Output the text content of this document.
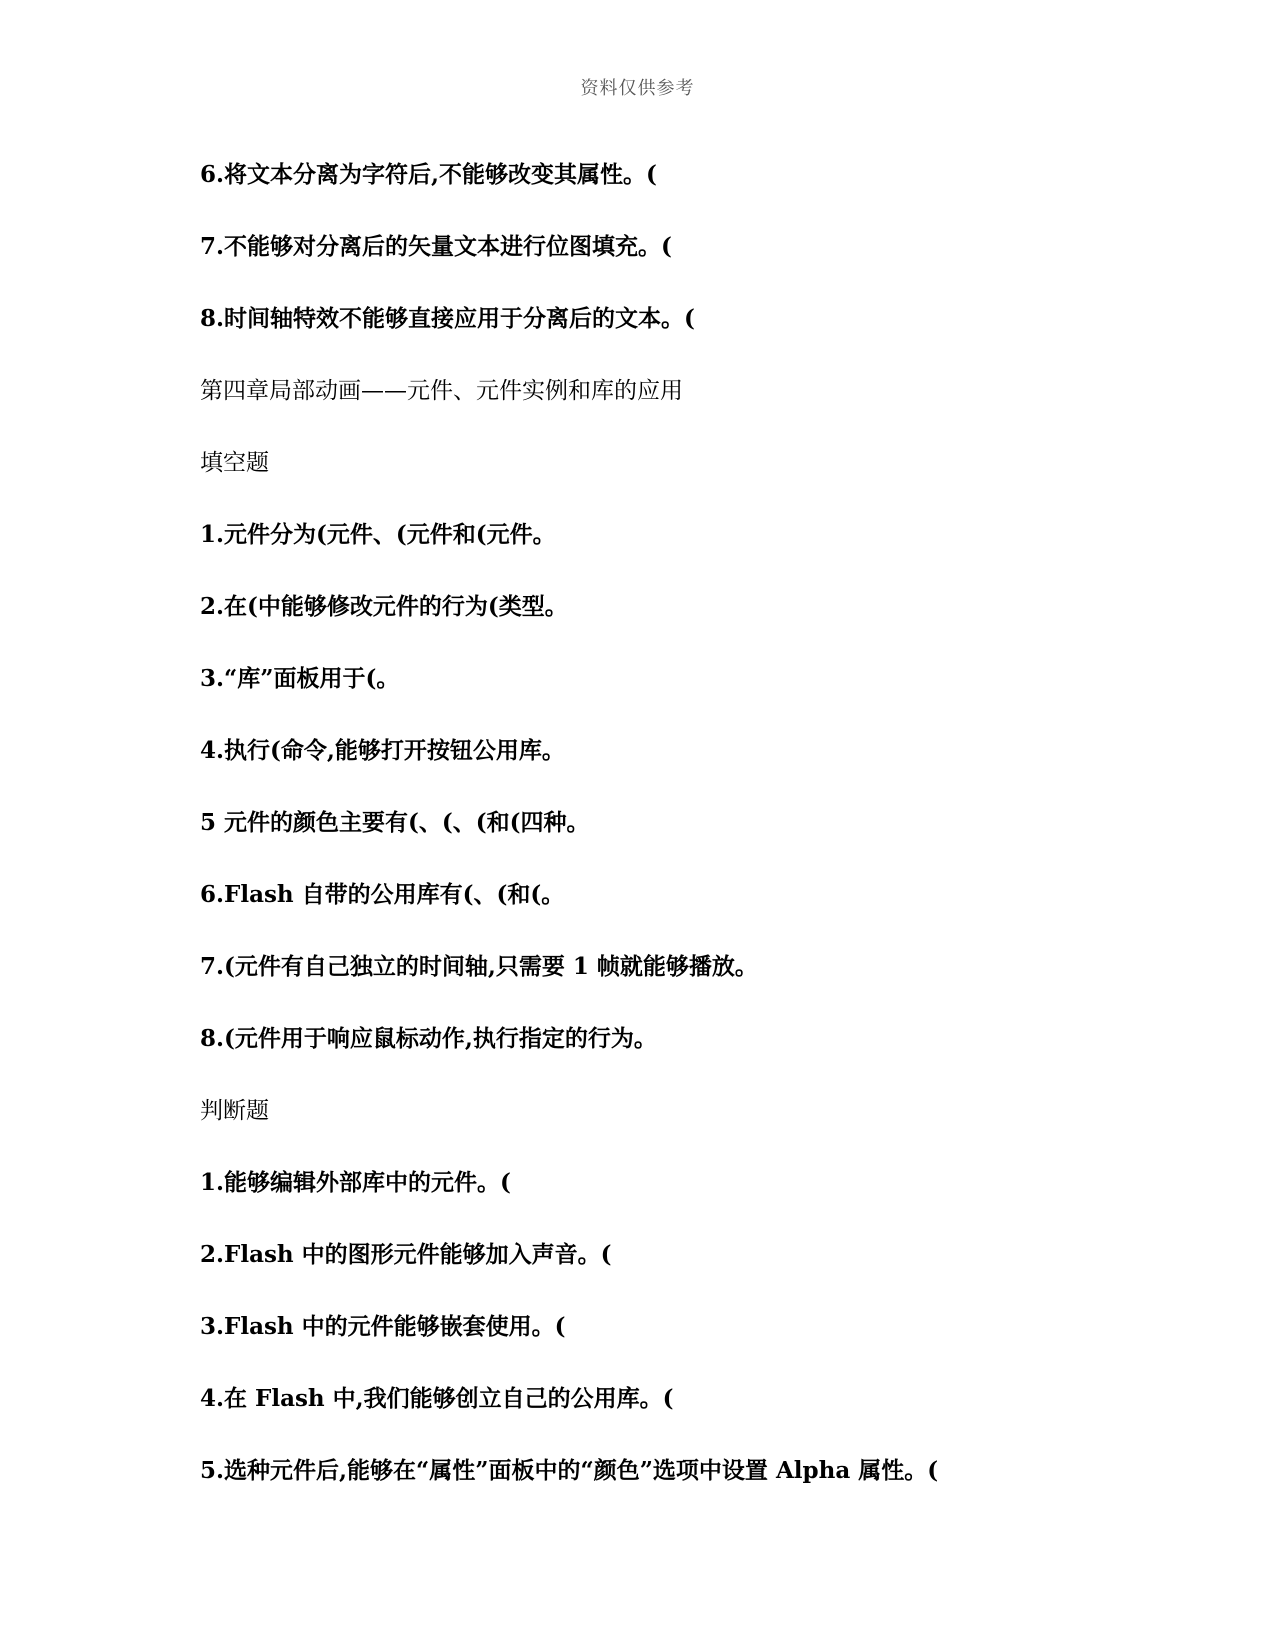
资料仅供参考
6.将文本分离为字符后,不能够改变其属性。(
7.不能够对分离后的矢量文本进行位图填充。(
8.时间轴特效不能够直接应用于分离后的文本。(
第四章局部动画——元件、元件实例和库的应用
填空题
1.元件分为(元件、(元件和(元件。
2.在(中能够修改元件的行为(类型。
3.“库”面板用于(。
4.执行(命令,能够打开按钮公用库。
5 元件的颜色主要有(、(、(和(四种。
6.Flash 自带的公用库有(、(和(。
7.(元件有自己独立的时间轴,只需要 1 帧就能够播放。
8.(元件用于响应鼠标动作,执行指定的行为。
判断题
1.能够编辑外部库中的元件。(
2.Flash 中的图形元件能够加入声音。(
3.Flash 中的元件能够嵌套使用。(
4.在 Flash 中,我们能够创立自己的公用库。(
5.选种元件后,能够在“属性”面板中的“颜色”选项中设置 Alpha 属性。(
